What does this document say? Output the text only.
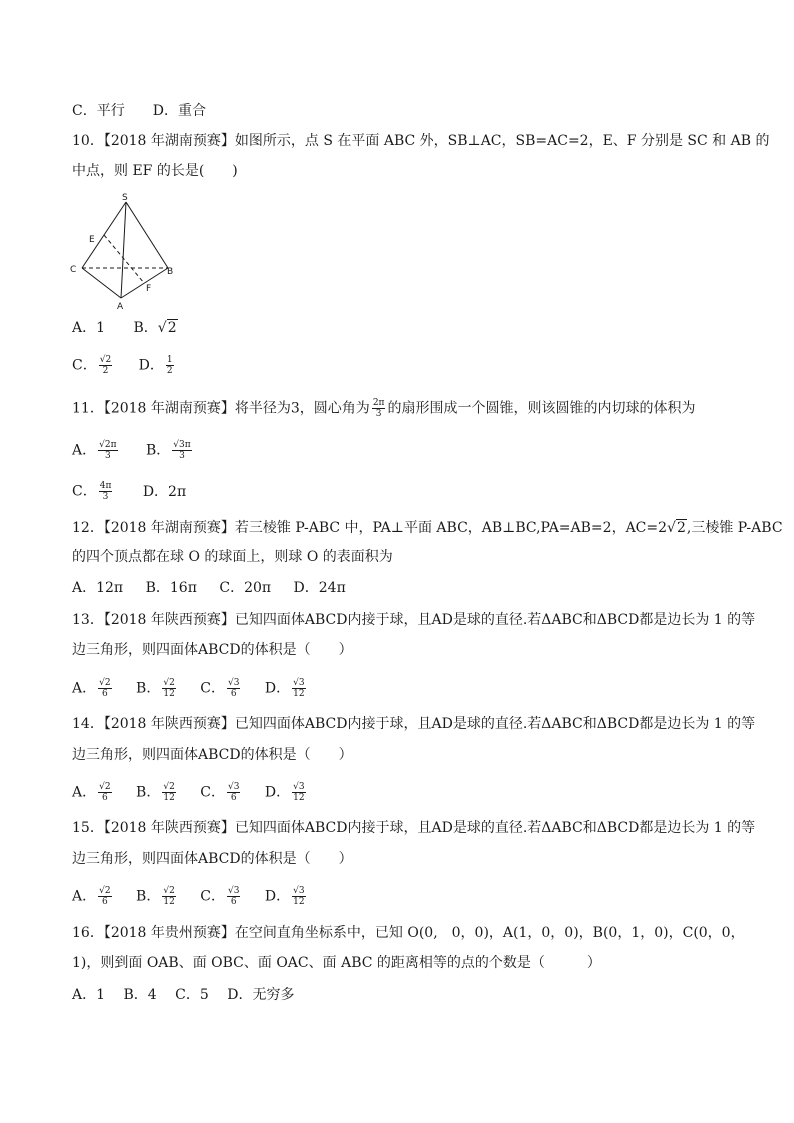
C．平行 D．重合
10．【2018 年湖南预赛】如图所示，点 S 在平面 ABC 外，SB⊥AC，SB=AC=2，E、F 分别是 SC 和 AB 的
中点，则 EF 的长是(　　)
S
E
C	B
F
A
A．1 B．√2
C． $\frac{√2}{2}$ D． $\frac{1}{2}$
11．【2018 年湖南预赛】将半径为3，圆心角为 $\frac{2\pi}{3}$ 的扇形围成一个圆锥，则该圆锥的内切球的体积为
A． $\frac{√2\pi}{3}$ B． $\frac{√3\pi}{3}$
C． $\frac{4\pi}{3}$ D．2π
12．【2018 年湖南预赛】若三棱锥 P-ABC 中，PA⊥平面 ABC，AB⊥BC,PA=AB=2，AC=2√2,三棱锥 P-ABC
的四个顶点都在球 O 的球面上，则球 O 的表面积为
A．12π B．16π C．20π D．24π
13．【2018 年陕西预赛】已知四面体ABCD内接于球，且AD是球的直径.若ΔABC和ΔBCD都是边长为 1 的等
边三角形，则四面体ABCD的体积是（　　）
A． $\frac{√2}{6}$ B． $\frac{√2}{12}$ C． $\frac{√3}{6}$ D． $\frac{√3}{12}$
14．【2018 年陕西预赛】已知四面体ABCD内接于球，且AD是球的直径.若ΔABC和ΔBCD都是边长为 1 的等
边三角形，则四面体ABCD的体积是（　　）
A． $\frac{√2}{6}$ B． $\frac{√2}{12}$ C． $\frac{√3}{6}$ D． $\frac{√3}{12}$
15．【2018 年陕西预赛】已知四面体ABCD内接于球，且AD是球的直径.若ΔABC和ΔBCD都是边长为 1 的等
边三角形，则四面体ABCD的体积是（　　）
A． $\frac{√2}{6}$ B． $\frac{√2}{12}$ C． $\frac{√3}{6}$ D． $\frac{√3}{12}$
16．【2018 年贵州预赛】在空间直角坐标系中，已知 O(0,　0，0)，A(1，0，0)，B(0，1，0)，C(0，0，
1)，则到面 OAB、面 OBC、面 OAC、面 ABC 的距离相等的点的个数是（　　　）
A．1 B．4 C．5 D．无穷多
